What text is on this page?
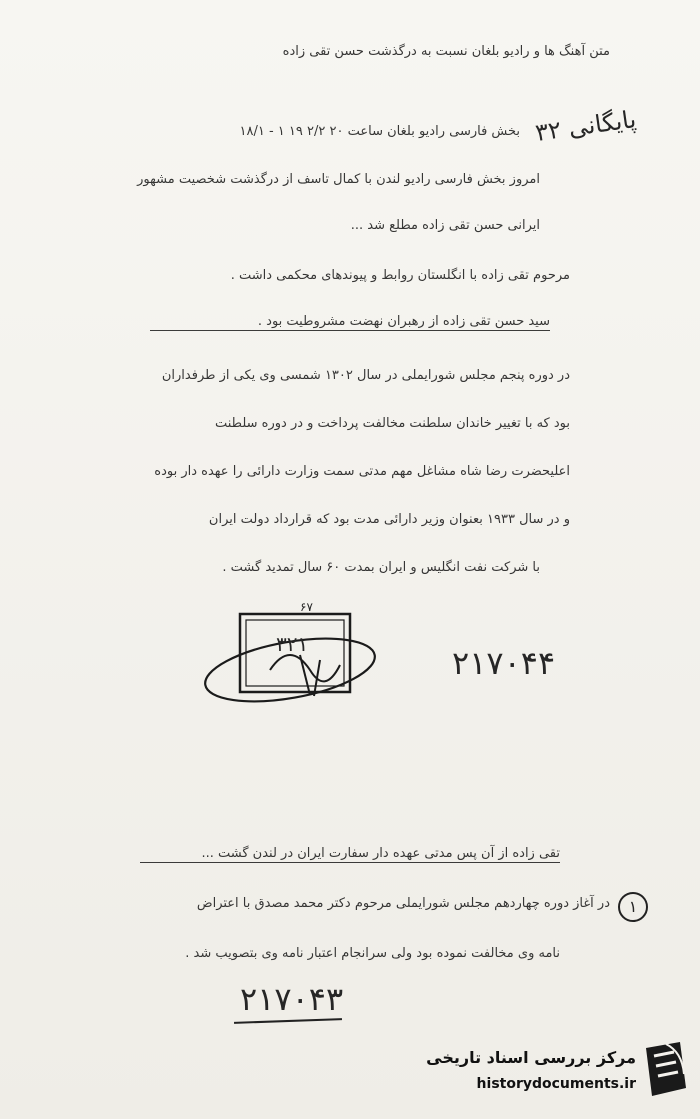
متن آهنگ ها و رادیو بلغان نسبت به درگذشت حسن تقی زاده
پایگانی ۳۲
بخش فارسی رادیو بلغان ساعت ۲۰ ۲/۲ ۱۹ ۱ - ۱۸/۱
امروز بخش فارسی رادیو لندن با کمال تاسف از درگذشت شخصیت مشهور
ایرانی حسن تقی زاده مطلع شد ...
مرحوم تقی زاده با انگلستان روابط و پیوندهای محکمی داشت .
سید حسن تقی زاده از رهبران نهضت مشروطیت بود .
در دوره پنجم مجلس شورایملی در سال ۱۳۰۲ شمسی وی یکی از طرفداران
بود که با تغییر خاندان سلطنت مخالفت پرداخت و در دوره سلطنت
اعلیحضرت رضا شاه مشاغل مهم مدتی سمت وزارت دارائی را عهده دار بوده
و در سال ۱۹۳۳ بعنوان وزیر دارائی مدت بود که قرارداد دولت ایران
با شرکت نفت انگلیس و ایران بمدت ۶۰ سال تمدید گشت .
۶۷
۳۲۱	۲۱۷۰۴۴
تقی زاده از آن پس مدتی عهده دار سفارت ایران در لندن گشت ...
۱
در آغاز دوره چهاردهم مجلس شورایملی مرحوم دکتر محمد مصدق با اعتراض
نامه وی مخالفت نموده بود ولی سرانجام اعتبار نامه وی بتصویب شد .
۲۱۷۰۴۳
مرکز بررسی اسناد تاریخی
historydocuments.ir
